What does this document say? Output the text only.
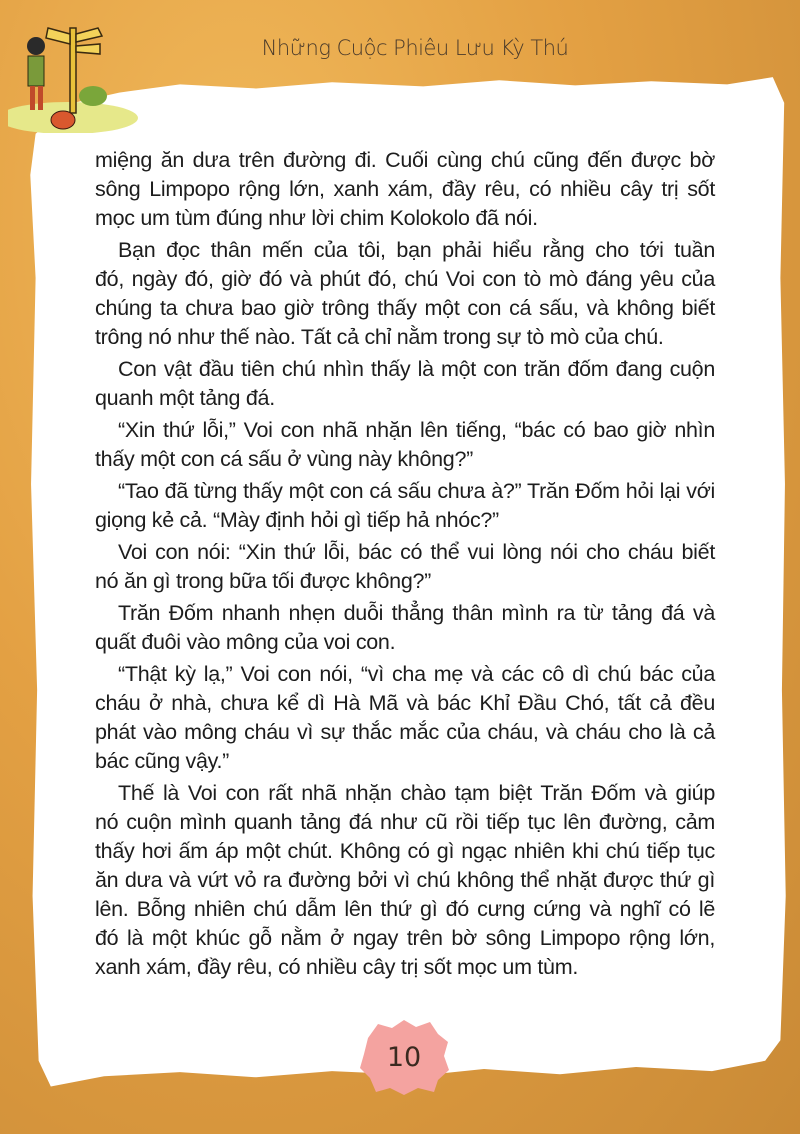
Những Cuộc Phiêu Lưu Kỳ Thú
miệng ăn dưa trên đường đi. Cuối cùng chú cũng đến được bờ
sông Limpopo rộng lớn, xanh xám, đầy rêu, có nhiều cây trị sốt
mọc um tùm đúng như lời chim Kolokolo đã nói.
Bạn đọc thân mến của tôi, bạn phải hiểu rằng cho tới tuần
đó, ngày đó, giờ đó và phút đó, chú Voi con tò mò đáng yêu của
chúng ta chưa bao giờ trông thấy một con cá sấu, và không biết
trông nó như thế nào. Tất cả chỉ nằm trong sự tò mò của chú.
Con vật đầu tiên chú nhìn thấy là một con trăn đốm đang cuộn
quanh một tảng đá.
“Xin thứ lỗi,” Voi con nhã nhặn lên tiếng, “bác có bao giờ nhìn
thấy một con cá sấu ở vùng này không?”
“Tao đã từng thấy một con cá sấu chưa à?” Trăn Đốm hỏi lại với
giọng kẻ cả. “Mày định hỏi gì tiếp hả nhóc?”
Voi con nói: “Xin thứ lỗi, bác có thể vui lòng nói cho cháu biết
nó ăn gì trong bữa tối được không?”
Trăn Đốm nhanh nhẹn duỗi thẳng thân mình ra từ tảng đá và
quất đuôi vào mông của voi con.
“Thật kỳ lạ,” Voi con nói, “vì cha mẹ và các cô dì chú bác của
cháu ở nhà, chưa kể dì Hà Mã và bác Khỉ Đầu Chó, tất cả đều
phát vào mông cháu vì sự thắc mắc của cháu, và cháu cho là cả
bác cũng vậy.”
Thế là Voi con rất nhã nhặn chào tạm biệt Trăn Đốm và giúp
nó cuộn mình quanh tảng đá như cũ rồi tiếp tục lên đường, cảm
thấy hơi ấm áp một chút. Không có gì ngạc nhiên khi chú tiếp tục
ăn dưa và vứt vỏ ra đường bởi vì chú không thể nhặt được thứ gì
lên. Bỗng nhiên chú dẫm lên thứ gì đó cưng cứng và nghĩ có lẽ
đó là một khúc gỗ nằm ở ngay trên bờ sông Limpopo rộng lớn,
xanh xám, đầy rêu, có nhiều cây trị sốt mọc um tùm.
10
